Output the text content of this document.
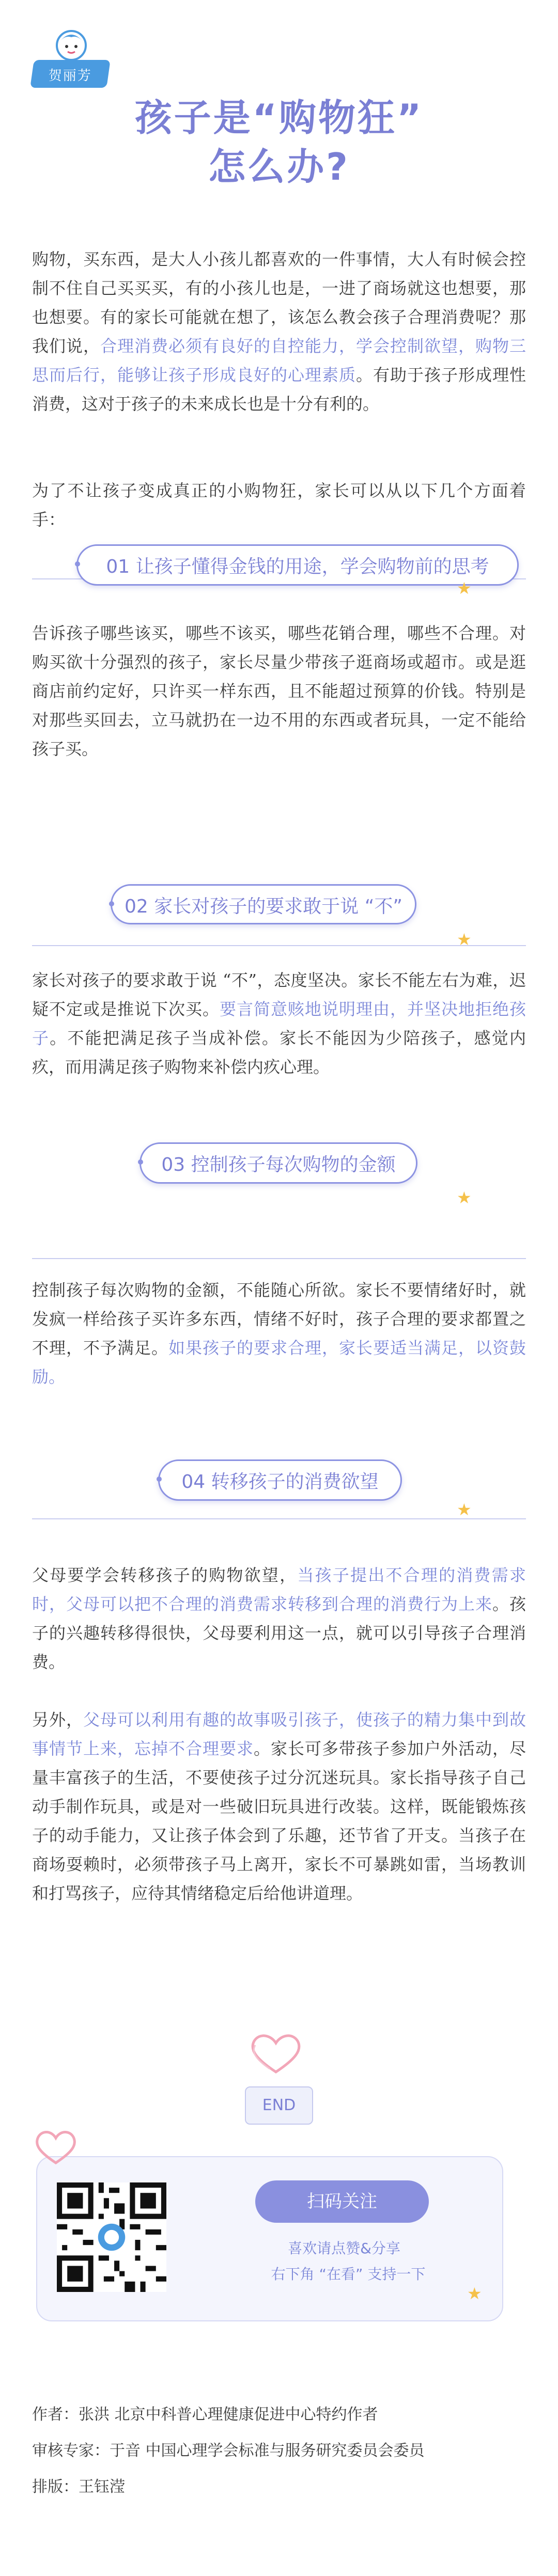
贺丽芳
孩子是“购物狂”
怎么办?
购物，买东西，是大人小孩儿都喜欢的一件事情，大人有时候会控制不住自己买买买，有的小孩儿也是，一进了商场就这也想要，那也想要。有的家长可能就在想了，该怎么教会孩子合理消费呢？那我们说，合理消费必须有良好的自控能力，学会控制欲望，购物三思而后行，能够让孩子形成良好的心理素质。有助于孩子形成理性消费，这对于孩子的未来成长也是十分有利的。
为了不让孩子变成真正的小购物狂，家长可以从以下几个方面着手：
01 让孩子懂得金钱的用途，学会购物前的思考
★
告诉孩子哪些该买，哪些不该买，哪些花销合理，哪些不合理。对购买欲十分强烈的孩子，家长尽量少带孩子逛商场或超市。或是逛商店前约定好，只许买一样东西，且不能超过预算的价钱。特别是对那些买回去，立马就扔在一边不用的东西或者玩具，一定不能给孩子买。
02 家长对孩子的要求敢于说 “不”
★
家长对孩子的要求敢于说 “不”，态度坚决。家长不能左右为难，迟疑不定或是推说下次买。要言简意赅地说明理由，并坚决地拒绝孩子。不能把满足孩子当成补偿。家长不能因为少陪孩子，感觉内疚，而用满足孩子购物来补偿内疚心理。
03 控制孩子每次购物的金额
★
控制孩子每次购物的金额，不能随心所欲。家长不要情绪好时，就发疯一样给孩子买许多东西，情绪不好时，孩子合理的要求都置之不理，不予满足。如果孩子的要求合理，家长要适当满足，以资鼓励。
04 转移孩子的消费欲望
★
父母要学会转移孩子的购物欲望，当孩子提出不合理的消费需求时，父母可以把不合理的消费需求转移到合理的消费行为上来。孩子的兴趣转移得很快，父母要利用这一点，就可以引导孩子合理消费。
另外，父母可以利用有趣的故事吸引孩子，使孩子的精力集中到故事情节上来，忘掉不合理要求。家长可多带孩子参加户外活动，尽量丰富孩子的生活，不要使孩子过分沉迷玩具。家长指导孩子自己动手制作玩具，或是对一些破旧玩具进行改装。这样，既能锻炼孩子的动手能力，又让孩子体会到了乐趣，还节省了开支。当孩子在商场耍赖时，必须带孩子马上离开，家长不可暴跳如雷，当场教训和打骂孩子，应待其情绪稳定后给他讲道理。
END
扫码关注
喜欢请点赞&分享
右下角 “在看” 支持一下
★
作者：张洪 北京中科普心理健康促进中心特约作者
审核专家：于音 中国心理学会标准与服务研究委员会委员
排版：王钰滢
